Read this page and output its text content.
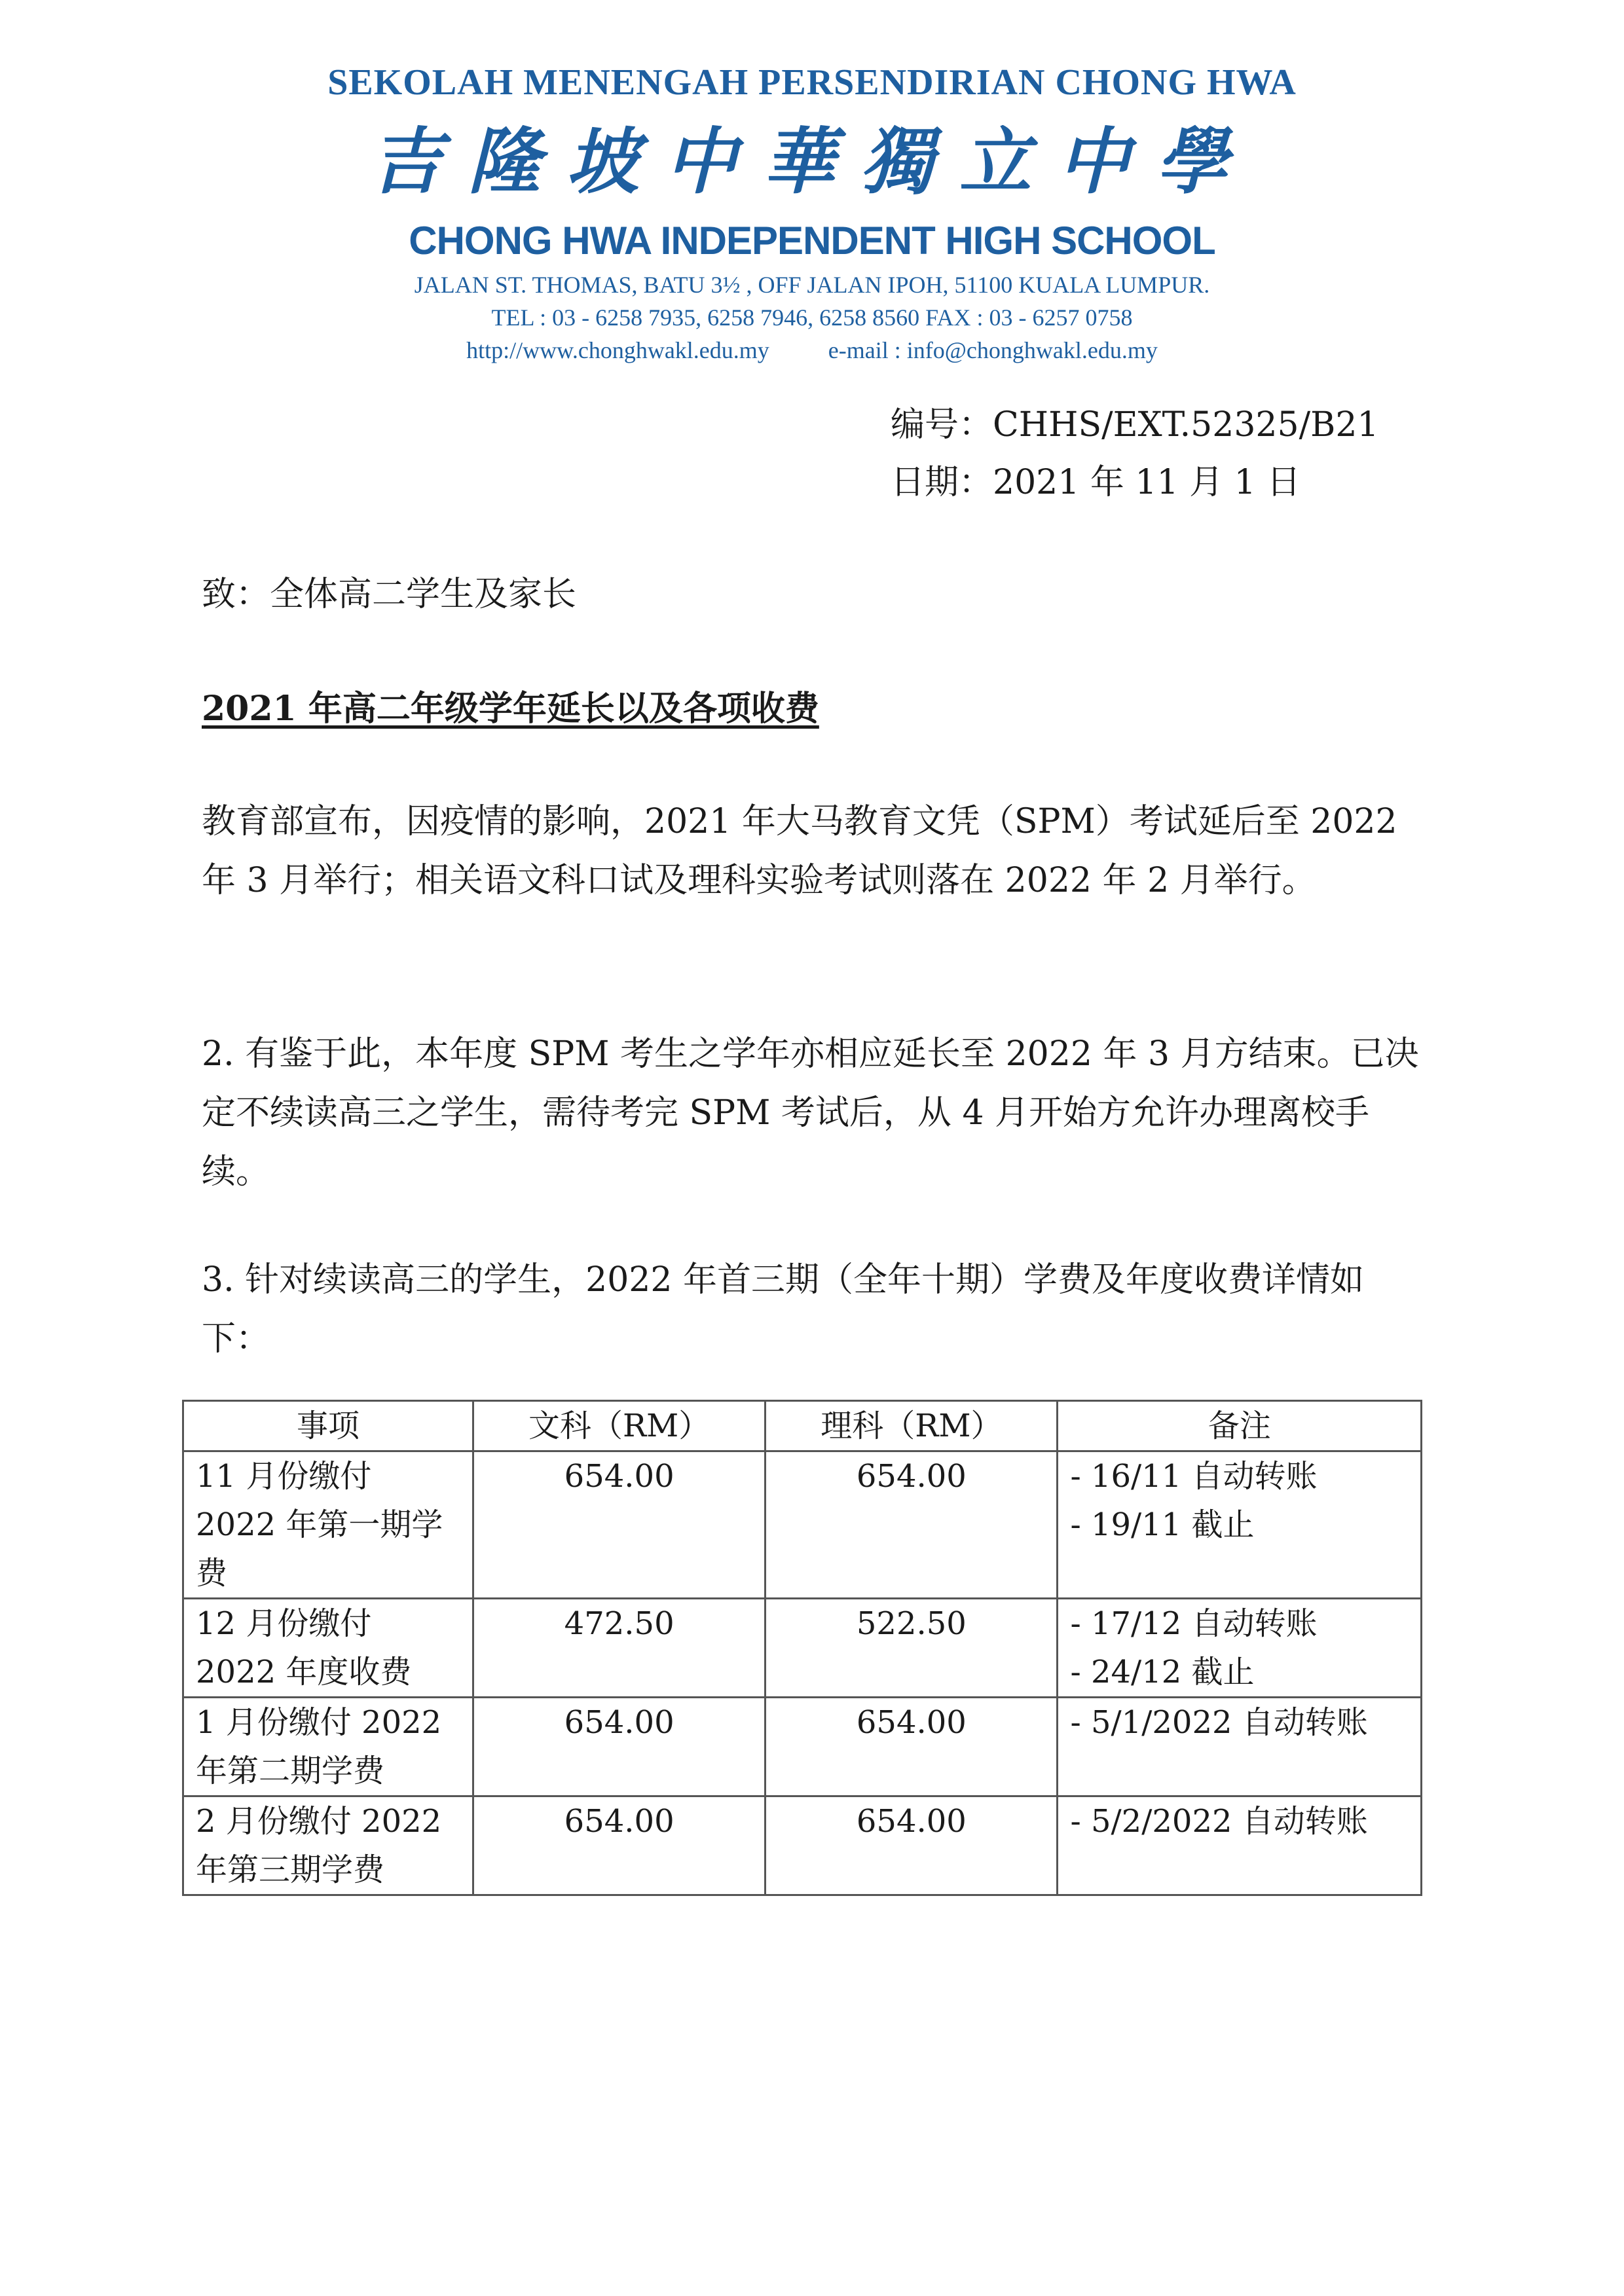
SEKOLAH MENENGAH PERSENDIRIAN CHONG HWA
吉隆坡中華獨立中學
CHONG HWA INDEPENDENT HIGH SCHOOL
JALAN ST. THOMAS, BATU 3½ , OFF JALAN IPOH, 51100 KUALA LUMPUR.
TEL : 03 - 6258 7935, 6258 7946, 6258 8560 FAX : 03 - 6257 0758
http://www.chonghwakl.edu.my	e-mail : info@chonghwakl.edu.my
编号：CHHS/EXT.52325/B21
日期：2021 年 11 月 1 日
致：全体高二学生及家长
2021 年高二年级学年延长以及各项收费
教育部宣布，因疫情的影响，2021 年大马教育文凭（SPM）考试延后至 2022 年 3 月举行；相关语文科口试及理科实验考试则落在 2022 年 2 月举行。
2. 有鉴于此，本年度 SPM 考生之学年亦相应延长至 2022 年 3 月方结束。已决定不续读高三之学生，需待考完 SPM 考试后，从 4 月开始方允许办理离校手续。
3. 针对续读高三的学生，2022 年首三期（全年十期）学费及年度收费详情如下：
事项	文科（RM）	理科（RM）	备注
11 月份缴付 2022 年第一期学费	654.00	654.00	- 16/11 自动转账
- 19/11 截止

12 月份缴付 2022 年度收费	472.50	522.50	- 17/12 自动转账
- 24/12 截止

1 月份缴付 2022 年第二期学费	654.00	654.00	- 5/1/2022 自动转账

2 月份缴付 2022 年第三期学费	654.00	654.00	- 5/2/2022 自动转账
